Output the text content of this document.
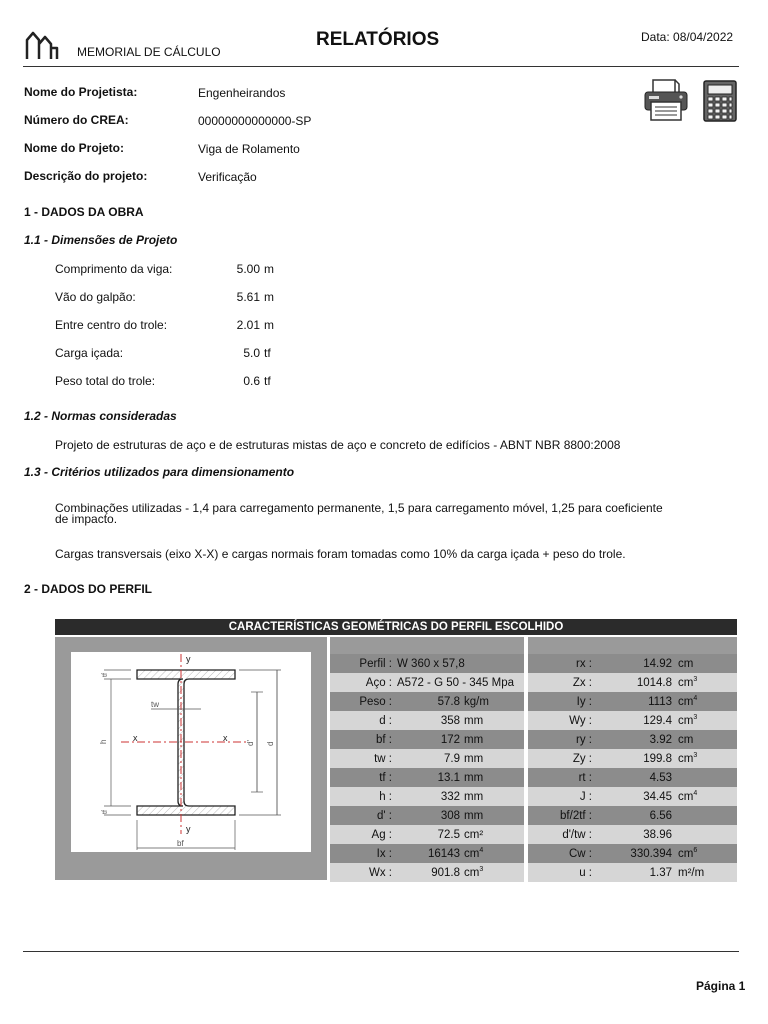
MEMORIAL DE CÁLCULO
RELATÓRIOS	Data: 08/04/2022
Nome do Projetista:	Engenheirandos
Número do CREA:	00000000000000-SP
Nome do Projeto:	Viga de Rolamento
Descrição do projeto:	Verificação
1 - DADOS DA OBRA
1.1 - Dimensões de Projeto
Comprimento da viga:	5.00 m
Vão do galpão:	5.61 m
Entre centro do trole:	2.01 m
Carga içada:	5.0 tf
Peso total do trole:	0.6 tf
1.2 - Normas consideradas
Projeto de estruturas de aço e de estruturas mistas de aço e concreto de edifícios - ABNT NBR 8800:2008
1.3 - Critérios utilizados para dimensionamento
Combinações utilizadas - 1,4 para carregamento permanente, 1,5 para carregamento móvel, 1,25 para coeficiente
de impacto.
Cargas transversais (eixo X-X) e cargas normais foram tomadas como 10% da carga içada + peso do trole.
2 - DADOS DO PERFIL
CARACTERÍSTICAS GEOMÉTRICAS DO PERFIL ESCOLHIDO
y
y
x	x
tf
tf
h
tw
d' d
bf
Perfil : W 360 x 57,8
Aço : A572 - G 50 - 345 Mpa
Peso :	57.8 kg/m
d :	358 mm
bf :	172 mm
tw :	7.9 mm
tf :	13.1 mm
h :	332 mm
d' :	308 mm
Ag :	72.5 cm²
Ix :	16143 $cm^4$
Wx :	901.8 $cm^3$
rx :	14.92 cm
Zx :	1014.8 $cm^3$
Iy :	1113 $cm^4$
Wy :	129.4 $cm^3$
ry :	3.92 cm
Zy :	199.8 $cm^3$
rt :	4.53
J :	34.45 $cm^4$
bf/2tf :	6.56
d'/tw :	38.96
Cw :	330.394 $cm^6$
u :	1.37 m²/m
Página 1
